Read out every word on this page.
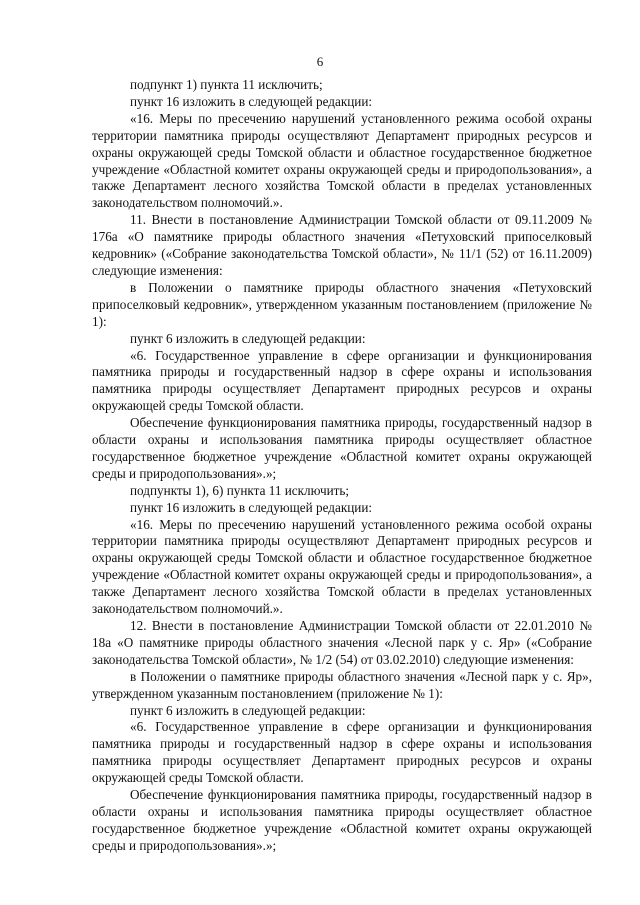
6

подпункт 1) пункта 11 исключить;

пункт 16 изложить в следующей редакции:

«16. Меры по пресечению нарушений установленного режима особой охраны территории памятника природы осуществляют Департамент природных ресурсов и охраны окружающей среды Томской области и областное государственное бюджетное учреждение «Областной комитет охраны окружающей среды и природопользования», а также Департамент лесного хозяйства Томской области в пределах установленных законодательством полномочий.».

11. Внести в постановление Администрации Томской области от 09.11.2009 № 176а «О памятнике природы областного значения «Петуховский припоселковый кедровник» («Собрание законодательства Томской области», № 11/1 (52) от 16.11.2009) следующие изменения:

в Положении о памятнике природы областного значения «Петуховский припоселковый кедровник», утвержденном указанным постановлением (приложение № 1):

пункт 6 изложить в следующей редакции:

«6. Государственное управление в сфере организации и функционирования памятника природы и государственный надзор в сфере охраны и использования памятника природы осуществляет Департамент природных ресурсов и охраны окружающей среды Томской области.

Обеспечение функционирования памятника природы, государственный надзор в области охраны и использования памятника природы осуществляет областное государственное бюджетное учреждение «Областной комитет охраны окружающей среды и природопользования».»;

подпункты 1), 6) пункта 11 исключить;

пункт 16 изложить в следующей редакции:

«16. Меры по пресечению нарушений установленного режима особой охраны территории памятника природы осуществляют Департамент природных ресурсов и охраны окружающей среды Томской области и областное государственное бюджетное учреждение «Областной комитет охраны окружающей среды и природопользования», а также Департамент лесного хозяйства Томской области в пределах установленных законодательством полномочий.».

12. Внести в постановление Администрации Томской области от 22.01.2010 № 18а «О памятнике природы областного значения «Лесной парк у с. Яр» («Собрание законодательства Томской области», № 1/2 (54) от 03.02.2010) следующие изменения:

в Положении о памятнике природы областного значения «Лесной парк у с. Яр», утвержденном указанным постановлением (приложение № 1):

пункт 6 изложить в следующей редакции:

«6. Государственное управление в сфере организации и функционирования памятника природы и государственный надзор в сфере охраны и использования памятника природы осуществляет Департамент природных ресурсов и охраны окружающей среды Томской области.

Обеспечение функционирования памятника природы, государственный надзор в области охраны и использования памятника природы осуществляет областное государственное бюджетное учреждение «Областной комитет охраны окружающей среды и природопользования».»;
